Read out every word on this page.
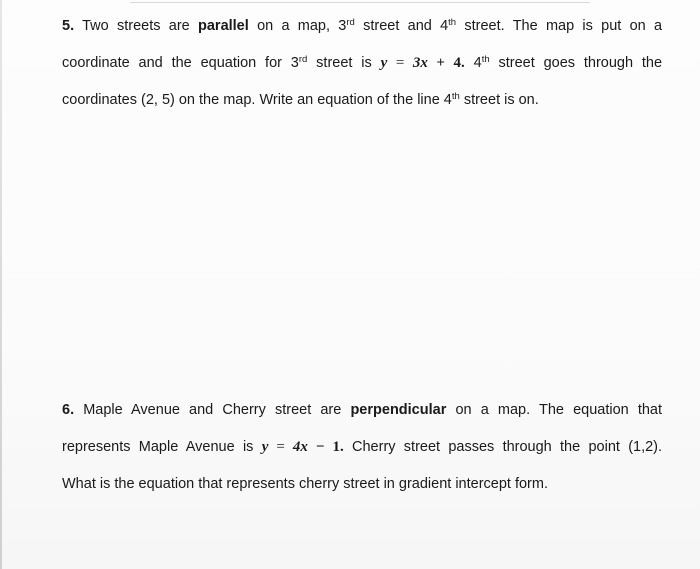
5. Two streets are parallel on a map, 3rd street and 4th street. The map is put on a
coordinate and the equation for 3rd street is y = 3x + 4. 4th street goes through the
coordinates (2, 5) on the map. Write an equation of the line 4th street is on.
6. Maple Avenue and Cherry street are perpendicular on a map. The equation that
represents Maple Avenue is y = 4x − 1. Cherry street passes through the point (1,2).
What is the equation that represents cherry street in gradient intercept form.
